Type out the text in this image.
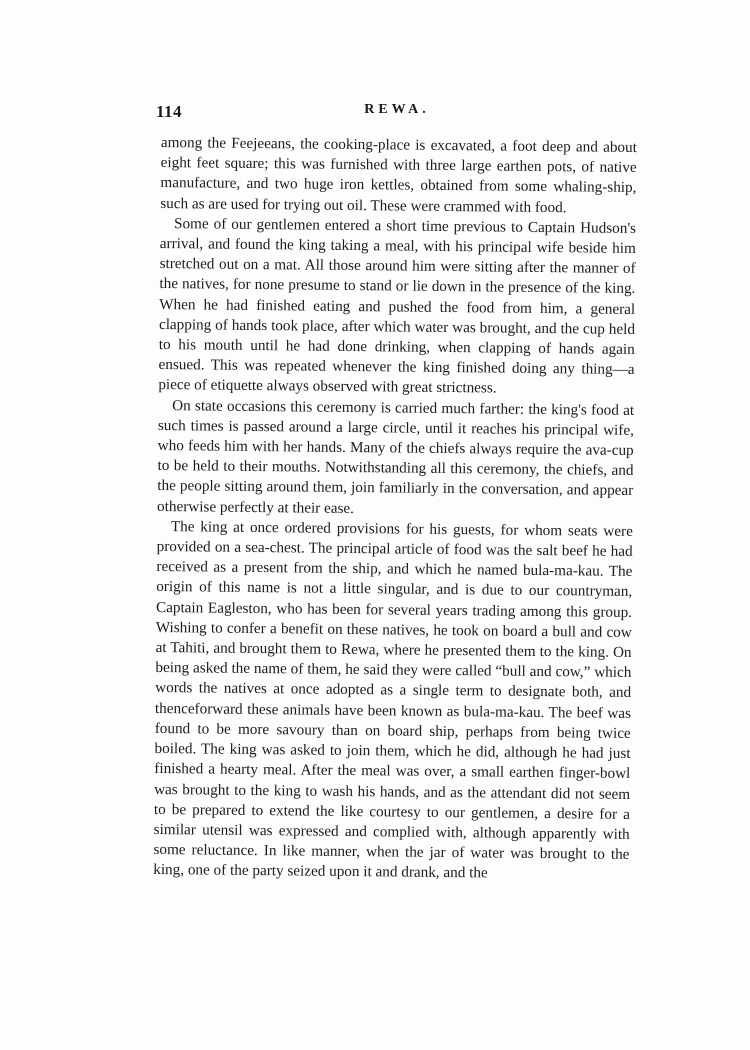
114	REWA.

among the Feejeeans, the cooking-place is excavated, a foot deep and about eight feet square; this was furnished with three large earthen pots, of native manufacture, and two huge iron kettles, obtained from some whaling-ship, such as are used for trying out oil. These were crammed with food.

Some of our gentlemen entered a short time previous to Captain Hudson's arrival, and found the king taking a meal, with his principal wife beside him stretched out on a mat. All those around him were sitting after the manner of the natives, for none presume to stand or lie down in the presence of the king. When he had finished eating and pushed the food from him, a general clapping of hands took place, after which water was brought, and the cup held to his mouth until he had done drinking, when clapping of hands again ensued. This was repeated whenever the king finished doing any thing—a piece of etiquette always observed with great strictness.

On state occasions this ceremony is carried much farther: the king's food at such times is passed around a large circle, until it reaches his principal wife, who feeds him with her hands. Many of the chiefs always require the ava-cup to be held to their mouths. Notwithstanding all this ceremony, the chiefs, and the people sitting around them, join familiarly in the conversation, and appear otherwise perfectly at their ease.

The king at once ordered provisions for his guests, for whom seats were provided on a sea-chest. The principal article of food was the salt beef he had received as a present from the ship, and which he named bula-ma-kau. The origin of this name is not a little singular, and is due to our countryman, Captain Eagleston, who has been for several years trading among this group. Wishing to confer a benefit on these natives, he took on board a bull and cow at Tahiti, and brought them to Rewa, where he presented them to the king. On being asked the name of them, he said they were called “bull and cow,” which words the natives at once adopted as a single term to designate both, and thenceforward these animals have been known as bula-ma-kau. The beef was found to be more savoury than on board ship, perhaps from being twice boiled. The king was asked to join them, which he did, although he had just finished a hearty meal. After the meal was over, a small earthen finger-bowl was brought to the king to wash his hands, and as the attendant did not seem to be prepared to extend the like courtesy to our gentlemen, a desire for a similar utensil was expressed and complied with, although apparently with some reluctance. In like manner, when the jar of water was brought to the king, one of the party seized upon it and drank, and the
